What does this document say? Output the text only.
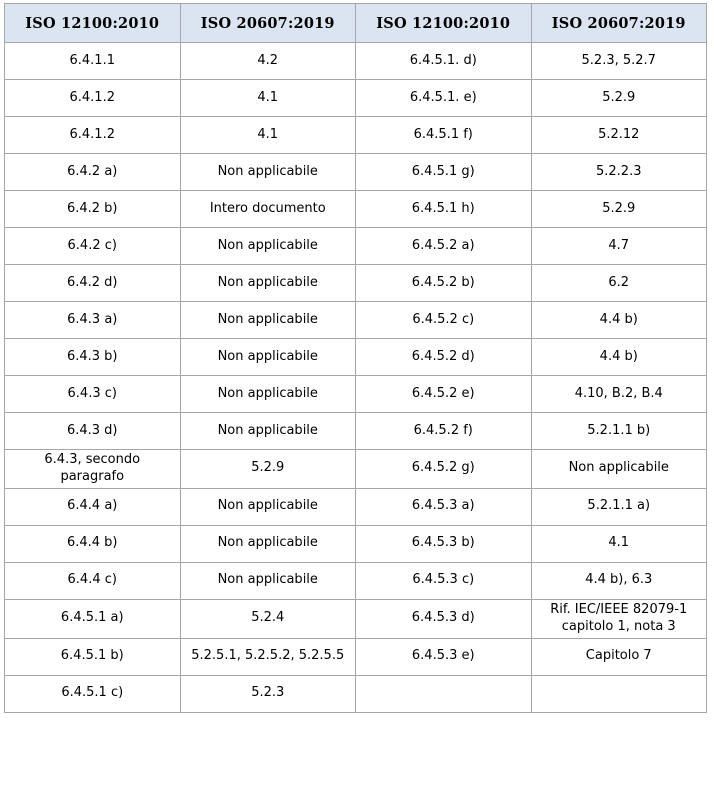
ISO 12100:2010	ISO 20607:2019	ISO 12100:2010	ISO 20607:2019
6.4.1.1	4.2	6.4.5.1. d)	5.2.3, 5.2.7
6.4.1.2	4.1	6.4.5.1. e)	5.2.9
6.4.1.2	4.1	6.4.5.1 f)	5.2.12
6.4.2 a)	Non applicabile	6.4.5.1 g)	5.2.2.3
6.4.2 b)	Intero documento	6.4.5.1 h)	5.2.9
6.4.2 c)	Non applicabile	6.4.5.2 a)	4.7
6.4.2 d)	Non applicabile	6.4.5.2 b)	6.2
6.4.3 a)	Non applicabile	6.4.5.2 c)	4.4 b)
6.4.3 b)	Non applicabile	6.4.5.2 d)	4.4 b)
6.4.3 c)	Non applicabile	6.4.5.2 e)	4.10, B.2, B.4
6.4.3 d)	Non applicabile	6.4.5.2 f)	5.2.1.1 b)
6.4.3, secondo paragrafo	5.2.9	6.4.5.2 g)	Non applicabile
6.4.4 a)	Non applicabile	6.4.5.3 a)	5.2.1.1 a)
6.4.4 b)	Non applicabile	6.4.5.3 b)	4.1
6.4.4 c)	Non applicabile	6.4.5.3 c)	4.4 b), 6.3
6.4.5.1 a)	5.2.4	6.4.5.3 d)	Rif. IEC/IEEE 82079-1 capitolo 1, nota 3
6.4.5.1 b)	5.2.5.1, 5.2.5.2, 5.2.5.5	6.4.5.3 e)	Capitolo 7
6.4.5.1 c)	5.2.3		
